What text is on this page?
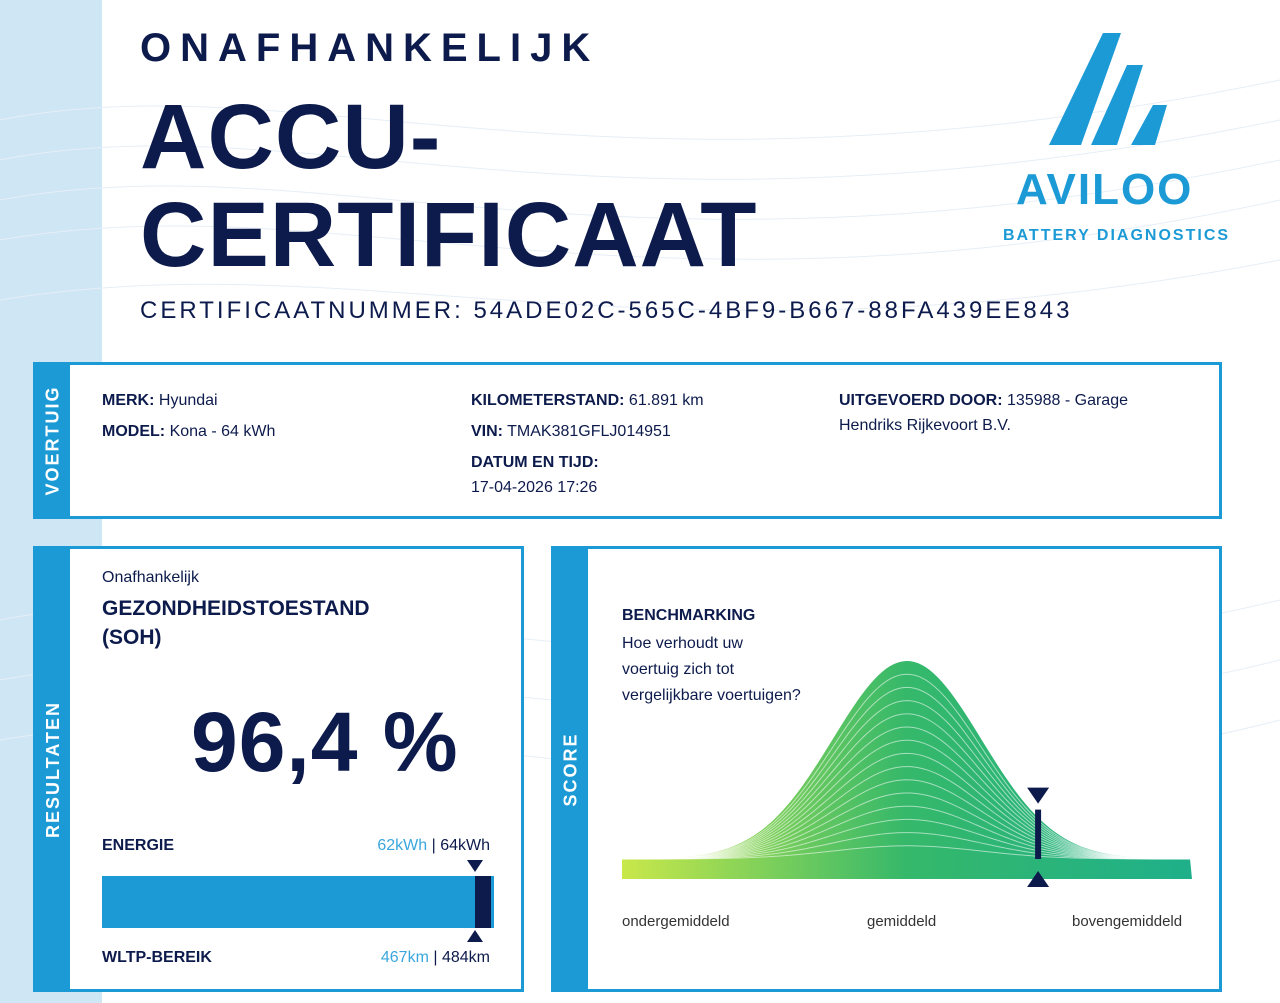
ONAFHANKELIJK
ACCU-
CERTIFICAAT
CERTIFICAATNUMMER: 54ADE02C-565C-4BF9-B667-88FA439EE843
AVILOO
BATTERY DIAGNOSTICS
VOERTUIG MERK: Hyundai
MODEL: Kona - 64 kWh
KILOMETERSTAND: 61.891 km
VIN: TMAK381GFLJ014951
DATUM EN TIJD:
17-04-2026 17:26
UITGEVOERD DOOR: 135988 - Garage
Hendriks Rijkevoort B.V.
RESULTATEN
Onafhankelijk
GEZONDHEIDSTOESTAND
(SOH)
96,4 %
ENERGIE	62kWh | 64kWh
WLTP-BEREIK	467km | 484km
SCORE
BENCHMARKING
Hoe verhoudt uw
voertuig zich tot
vergelijkbare voertuigen?
ondergemiddeld	gemiddeld	bovengemiddeld
